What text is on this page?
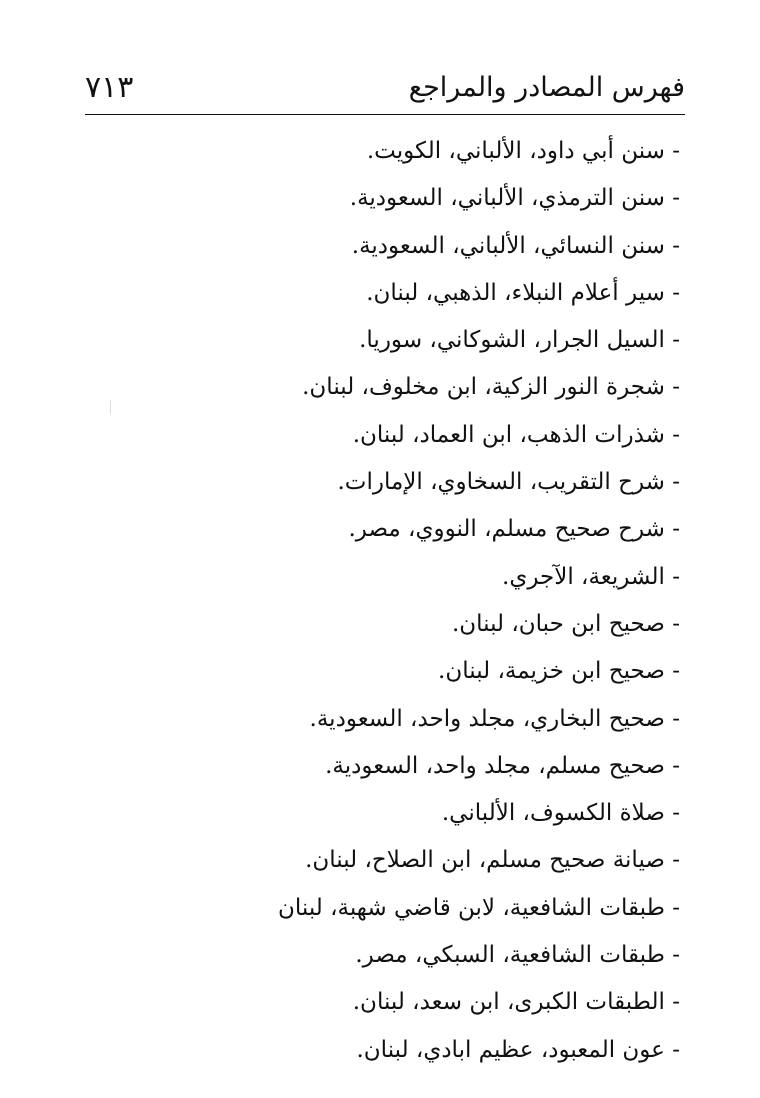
٧١٣	فهرس المصادر والمراجع
- سنن أبي داود، الألباني، الكويت.
- سنن الترمذي، الألباني، السعودية.
- سنن النسائي، الألباني، السعودية.
- سير أعلام النبلاء، الذهبي، لبنان.
- السيل الجرار، الشوكاني، سوريا.
- شجرة النور الزكية، ابن مخلوف، لبنان.
- شذرات الذهب، ابن العماد، لبنان.
- شرح التقريب، السخاوي، الإمارات.
- شرح صحيح مسلم، النووي، مصر.
- الشريعة، الآجري.
- صحيح ابن حبان، لبنان.
- صحيح ابن خزيمة، لبنان.
- صحيح البخاري، مجلد واحد، السعودية.
- صحيح مسلم، مجلد واحد، السعودية.
- صلاة الكسوف، الألباني.
- صيانة صحيح مسلم، ابن الصلاح، لبنان.
- طبقات الشافعية، لابن قاضي شهبة، لبنان
- طبقات الشافعية، السبكي، مصر.
- الطبقات الكبرى، ابن سعد، لبنان.
- عون المعبود، عظيم ابادي، لبنان.
